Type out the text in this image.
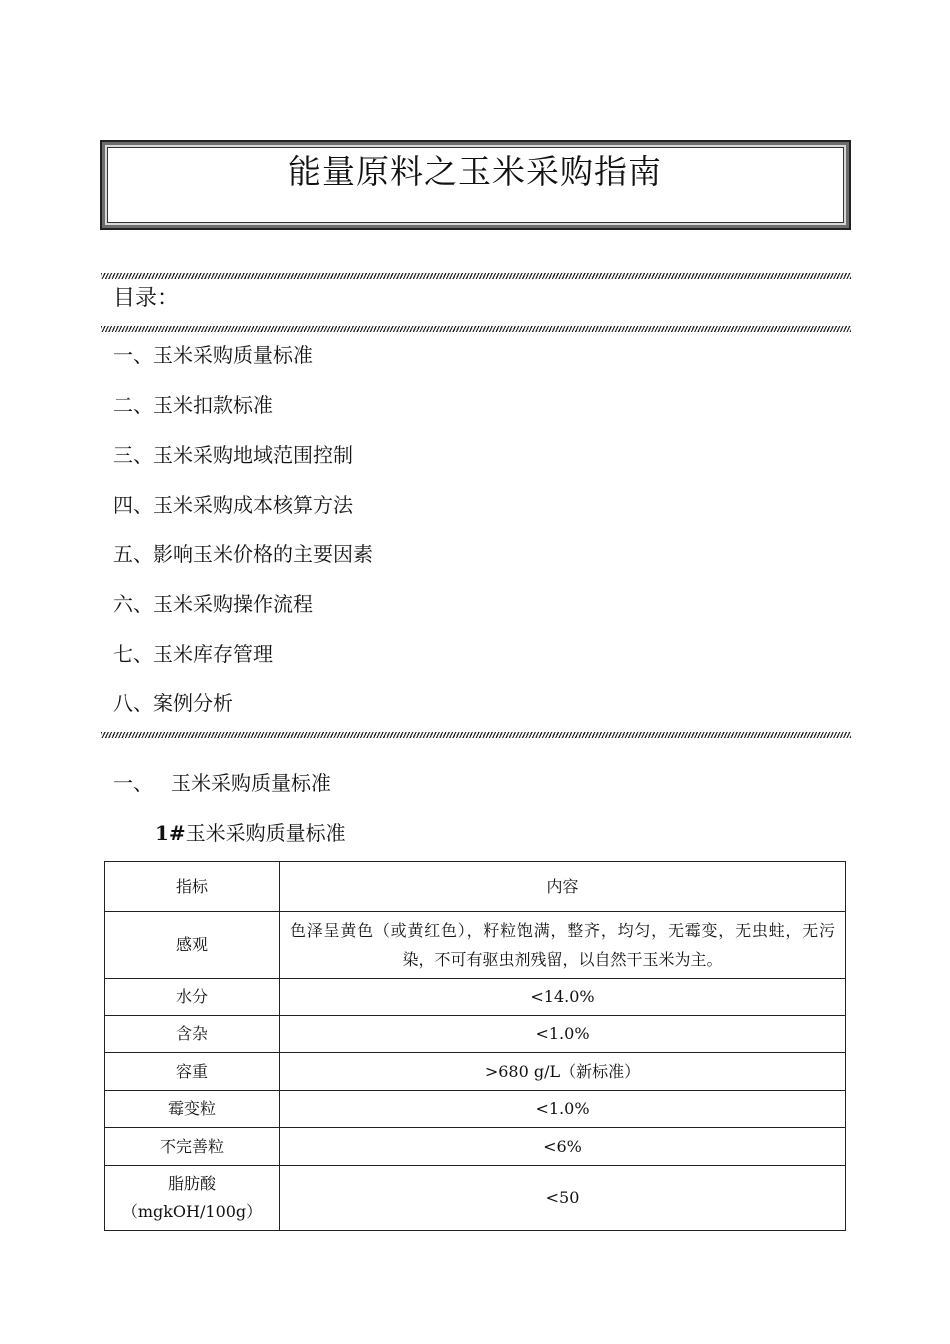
能量原料之玉米采购指南
目录：
一、玉米采购质量标准
二、玉米扣款标准
三、玉米采购地域范围控制
四、玉米采购成本核算方法
五、影响玉米价格的主要因素
六、玉米采购操作流程
七、玉米库存管理
八、案例分析
一、 玉米采购质量标准
1#玉米采购质量标准
指标	内容
感观	色泽呈黄色（或黄红色），籽粒饱满，整齐，均匀，无霉变，无虫蛀，无污染，不可有驱虫剂残留，以自然干玉米为主。
水分	<14.0%
含杂	<1.0%
容重	>680 g/L（新标准）
霉变粒	<1.0%
不完善粒	<6%

脂肪酸
（mgkOH/100g）	<50
